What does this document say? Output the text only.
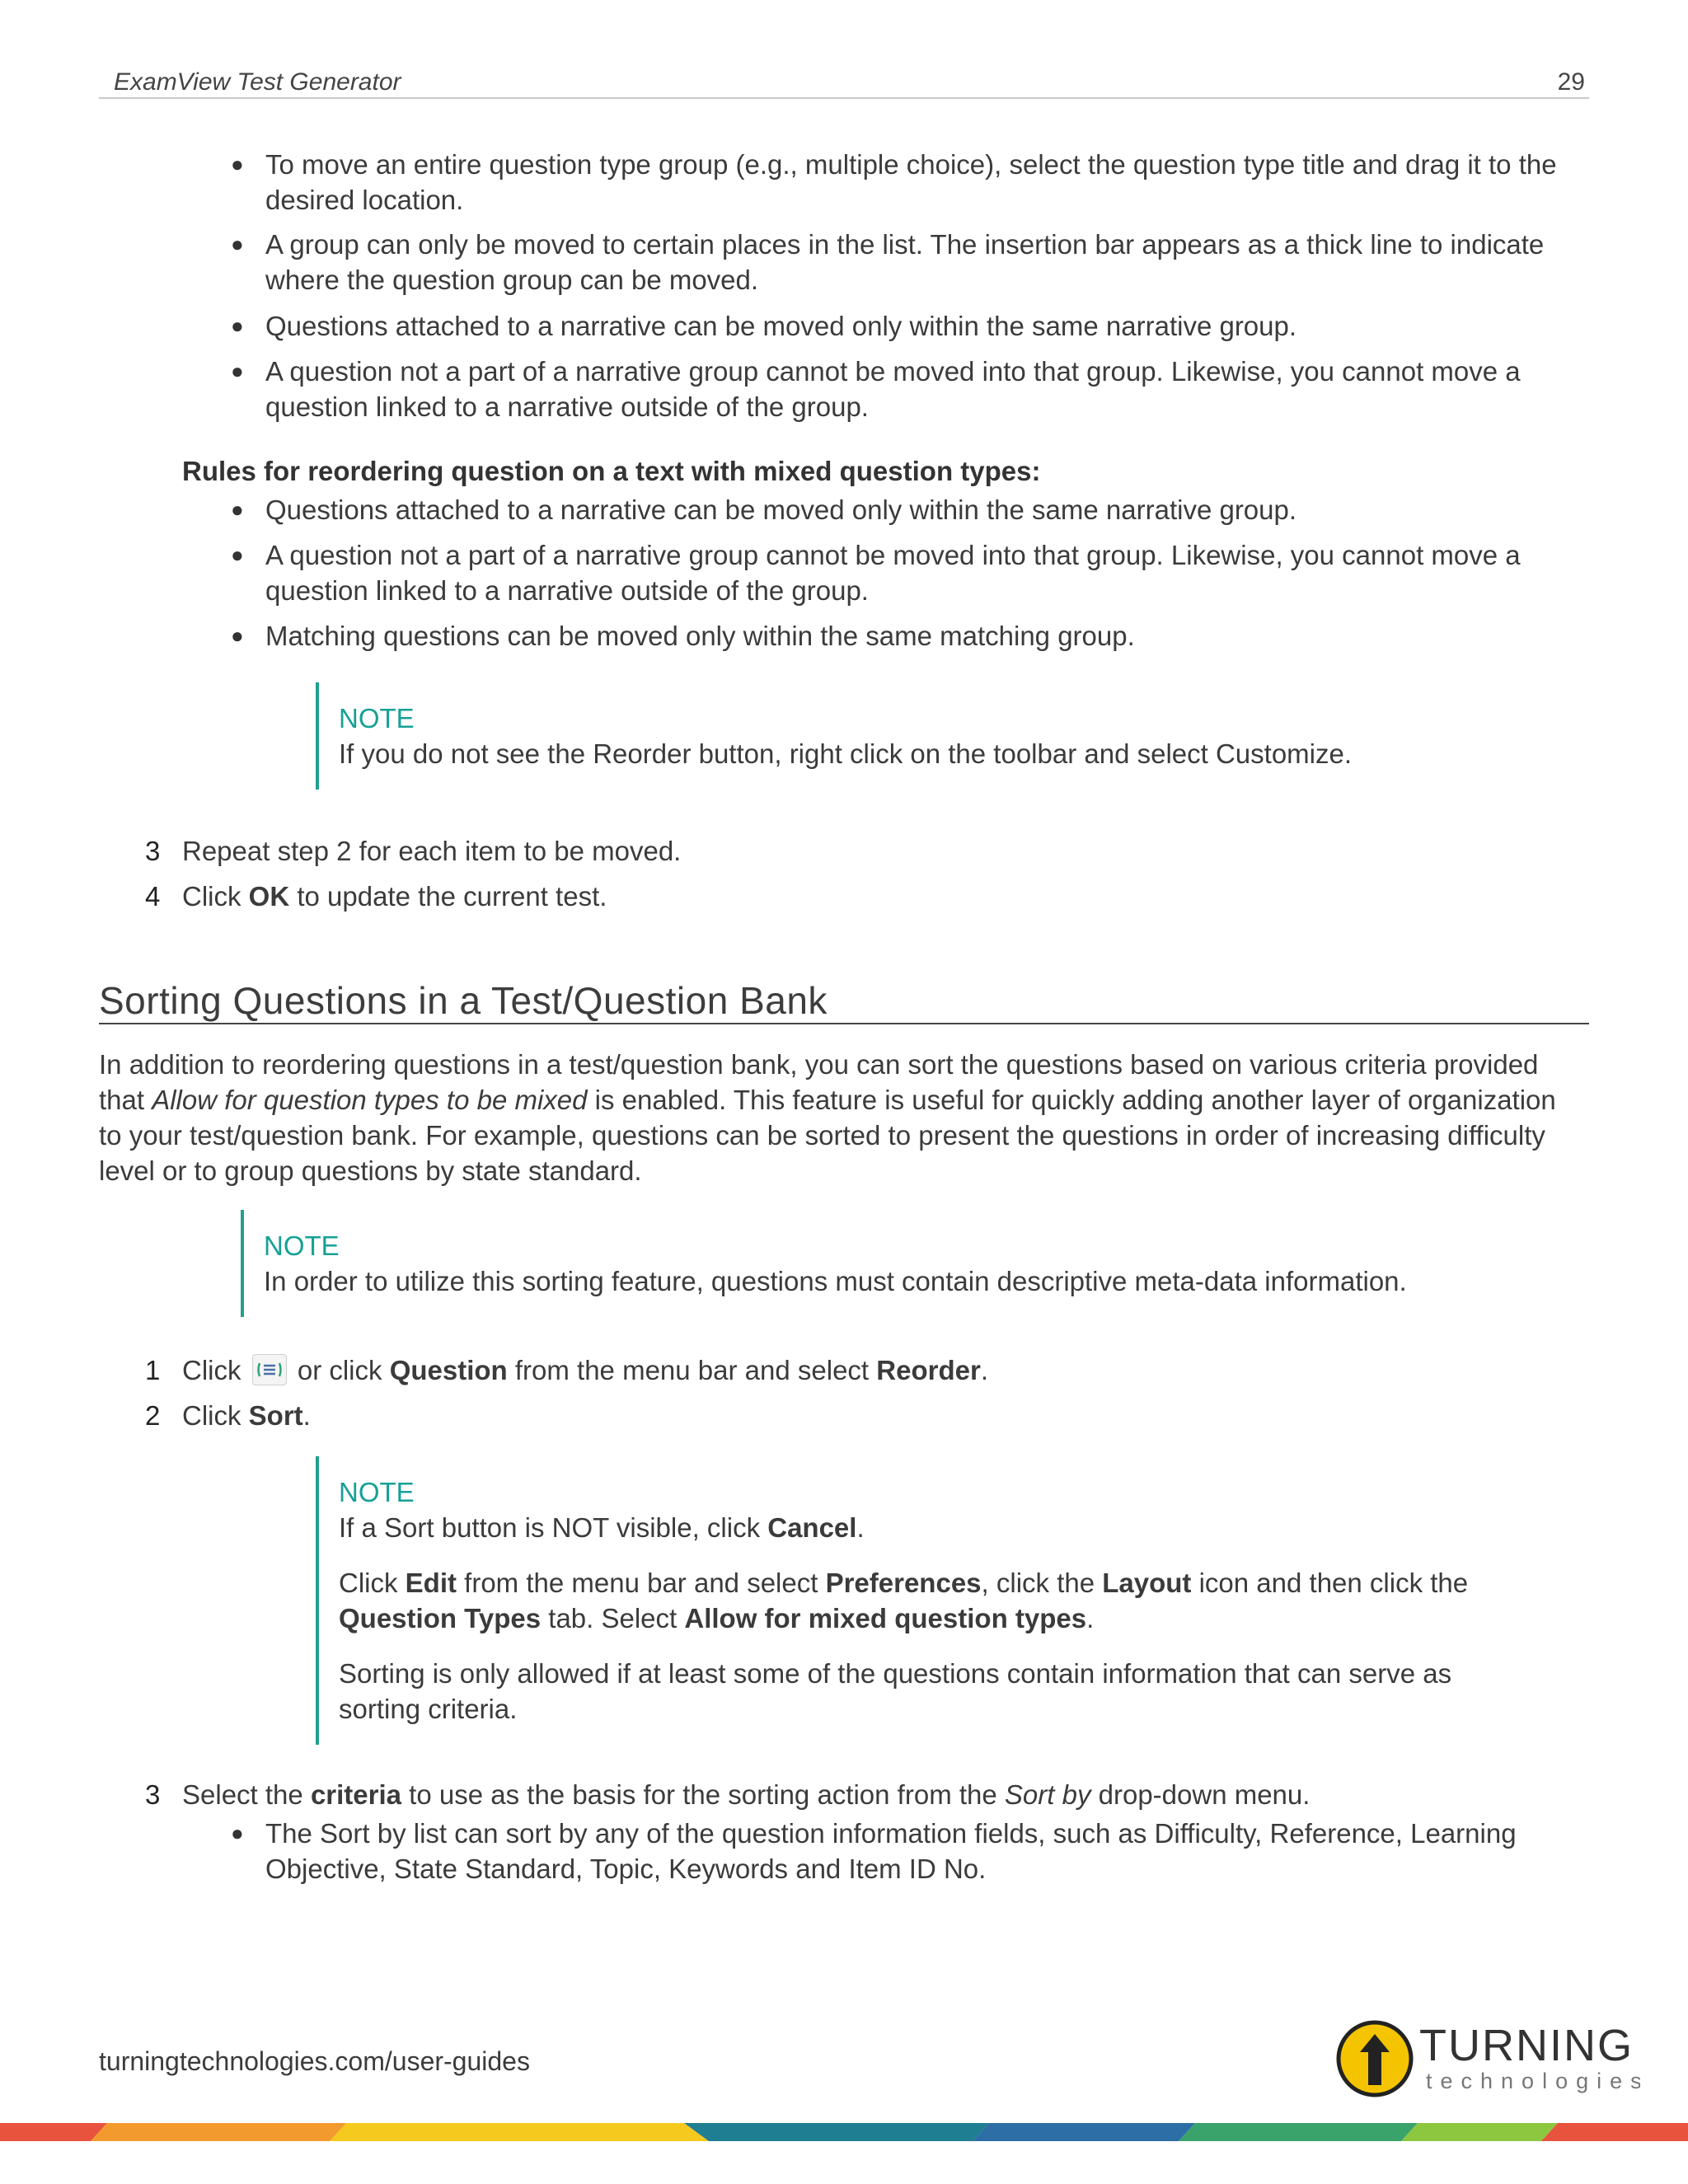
ExamView Test Generator	29
● To move an entire question type group (e.g., multiple choice), select the question type title and drag it to the desired location.
● A group can only be moved to certain places in the list. The insertion bar appears as a thick line to indicate where the question group can be moved.
● Questions attached to a narrative can be moved only within the same narrative group.
● A question not a part of a narrative group cannot be moved into that group. Likewise, you cannot move a question linked to a narrative outside of the group.
Rules for reordering question on a text with mixed question types:
● Questions attached to a narrative can be moved only within the same narrative group.
● A question not a part of a narrative group cannot be moved into that group. Likewise, you cannot move a question linked to a narrative outside of the group.
● Matching questions can be moved only within the same matching group.
NOTE

If you do not see the Reorder button, right click on the toolbar and select Customize.

3 Repeat step 2 for each item to be moved.
4 Click OK to update the current test.
Sorting Questions in a Test/Question Bank
In addition to reordering questions in a test/question bank, you can sort the questions based on various criteria provided that Allow for question types to be mixed is enabled. This feature is useful for quickly adding another layer of organization to your test/question bank. For example, questions can be sorted to present the questions in order of increasing difficulty level or to group questions by state standard.
NOTE

In order to utilize this sorting feature, questions must contain descriptive meta-data information.

1 Click  or click Question from the menu bar and select Reorder.
2 Click Sort.
NOTE

If a Sort button is NOT visible, click Cancel.

Click Edit from the menu bar and select Preferences, click the Layout icon and then click the Question Types tab. Select Allow for mixed question types.

Sorting is only allowed if at least some of the questions contain information that can serve as sorting criteria.

3 Select the criteria to use as the basis for the sorting action from the Sort by drop-down menu.
● The Sort by list can sort by any of the question information fields, such as Difficulty, Reference, Learning Objective, State Standard, Topic, Keywords and Item ID No.
turningtechnologies.com/user-guides	TURNING
technologies
